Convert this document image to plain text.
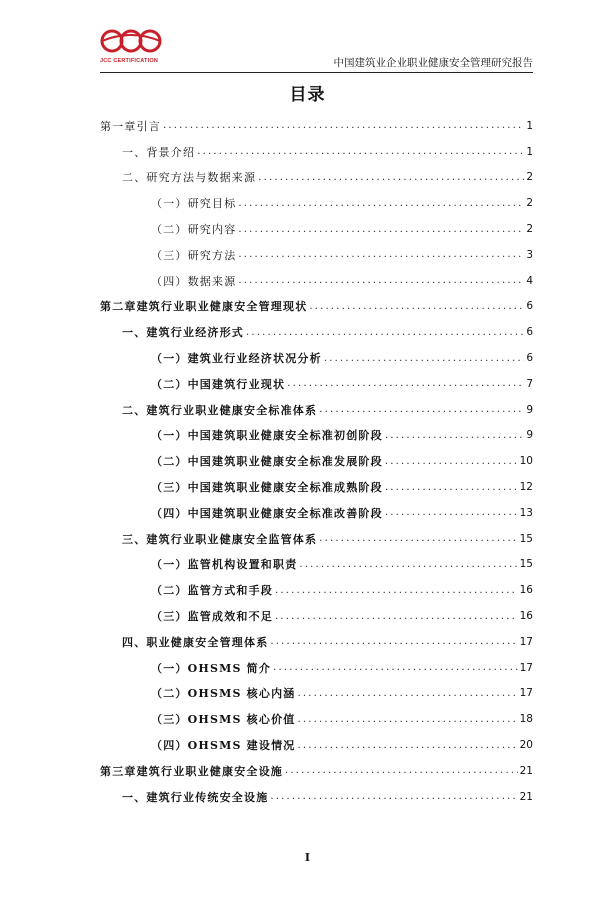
JCC CERTIFICATION	中国建筑业企业职业健康安全管理研究报告
目录
第一章引言 .....	1
一、背景介绍 .....	1
二、研究方法与数据来源 .....	2
（一）研究目标 .....	2
（二）研究内容 .....	2
（三）研究方法 .....	3
（四）数据来源 .....	4
第二章建筑行业职业健康安全管理现状 .....	6
一、建筑行业经济形式 .....	6
（一）建筑业行业经济状况分析 .....	6
（二）中国建筑行业现状 .....	7
二、建筑行业职业健康安全标准体系 .....	9
（一）中国建筑职业健康安全标准初创阶段 .....	9
（二）中国建筑职业健康安全标准发展阶段 .....	10
（三）中国建筑职业健康安全标准成熟阶段 .....	12
（四）中国建筑职业健康安全标准改善阶段 .....	13
三、建筑行业职业健康安全监管体系 .....	15
（一）监管机构设置和职责 .....	15
（二）监管方式和手段 .....	16
（三）监管成效和不足 .....	16
四、职业健康安全管理体系 .....	17
（一）OHSMS 简介 .....	17
（二）OHSMS 核心内涵 .....	17
（三）OHSMS 核心价值 .....	18
（四）OHSMS 建设情况 .....	20
第三章建筑行业职业健康安全设施 .....	21
一、建筑行业传统安全设施 .....	21
I
